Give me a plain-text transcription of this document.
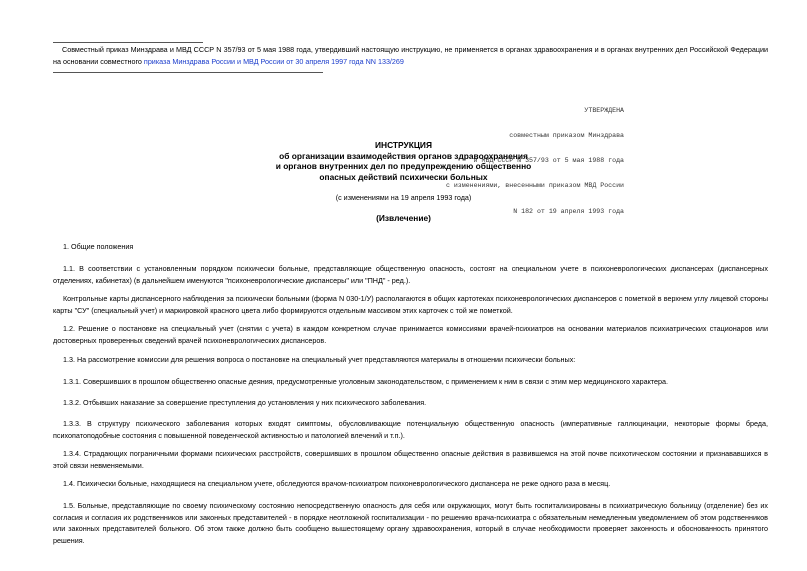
Совместный приказ Минздрава и МВД СССР N 357/93 от 5 мая 1988 года, утвердивший настоящую инструкцию, не применяется в органах здравоохранения и в органах внутренних дел Российской Федерации на основании совместного приказа Минздрава России и МВД России от 30 апреля 1997 года NN 133/269

УТВЕРЖДЕНА

совместным приказом Минздрава

и МВД СССР N 357/93 от 5 мая 1988 года

с изменениями, внесенными приказом МВД России

N 182 от 19 апреля 1993 года

ИНСТРУКЦИЯ
об организации взаимодействия органов здравоохранения
и органов внутренних дел по предупреждению общественно
опасных действий психически больных
(с изменениями на 19 апреля 1993 года)
(Извлечение)
1. Общие положения
1.1. В соответствии с установленным порядком психически больные, представляющие общественную опасность, состоят на специальном учете в психоневрологических диспансерах (диспансерных отделениях, кабинетах) (в дальнейшем именуются "психоневрологические диспансеры" или "ПНД" - ред.).
Контрольные карты диспансерного наблюдения за психически больными (форма N 030-1/У) располагаются в общих картотеках психоневрологических диспансеров с пометкой в верхнем углу лицевой стороны карты "СУ" (специальный учет) и маркировкой красного цвета либо формируются отдельным массивом этих карточек с той же пометкой.
1.2. Решение о постановке на специальный учет (снятии с учета) в каждом конкретном случае принимается комиссиями врачей-психиатров на основании материалов психиатрических стационаров или достоверных проверенных сведений врачей психоневрологических диспансеров.
1.3. На рассмотрение комиссии для решения вопроса о постановке на специальный учет представляются материалы в отношении психически больных:
1.3.1. Совершивших в прошлом общественно опасные деяния, предусмотренные уголовным законодательством, с применением к ним в связи с этим мер медицинского характера.
1.3.2. Отбывших наказание за совершение преступления до установления у них психического заболевания.
1.3.3. В структуру психического заболевания которых входят симптомы, обусловливающие потенциальную общественную опасность (императивные галлюцинации, некоторые формы бреда, психопатоподобные состояния с повышенной поведенческой активностью и патологией влечений и т.п.).
1.3.4. Страдающих пограничными формами психических расстройств, совершивших в прошлом общественно опасные действия в развившемся на этой почве психотическом состоянии и признававшихся в этой связи невменяемыми.
1.4. Психически больные, находящиеся на специальном учете, обследуются врачом-психиатром психоневрологического диспансера не реже одного раза в месяц.
1.5. Больные, представляющие по своему психическому состоянию непосредственную опасность для себя или окружающих, могут быть госпитализированы в психиатрическую больницу (отделение) без их согласия и согласия их родственников или законных представителей - в порядке неотложной госпитализации - по решению врача-психиатра с обязательным немедленным уведомлением об этом родственников или законных представителей больного. Об этом также должно быть сообщено вышестоящему органу здравоохранения, который в случае необходимости проверяет законность и обоснованность принятого решения.
